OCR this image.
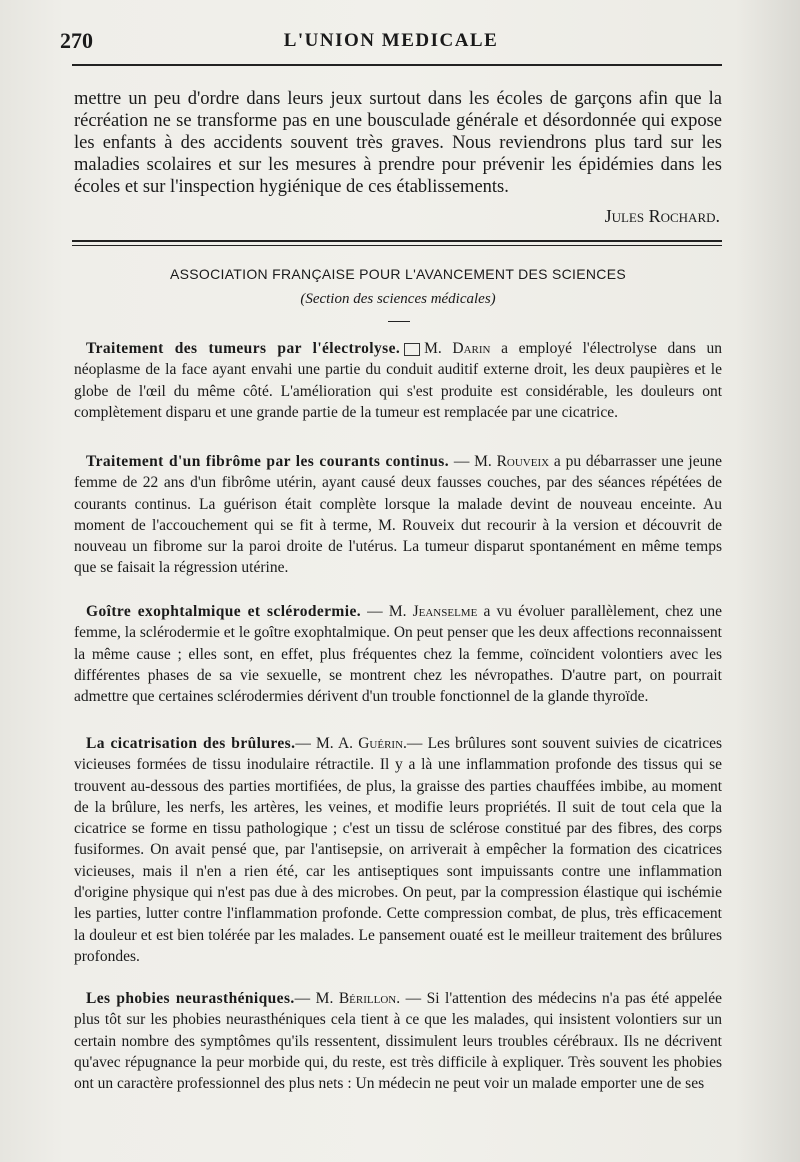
270	L'UNION MEDICALE
mettre un peu d'ordre dans leurs jeux surtout dans les écoles de garçons afin que la récréation ne se transforme pas en une bousculade générale et désordonnée qui expose les enfants à des accidents souvent très graves. Nous reviendrons plus tard sur les maladies scolaires et sur les mesures à prendre pour prévenir les épidémies dans les écoles et sur l'inspection hygiénique de ces établissements.
Jules Rochard.
ASSOCIATION FRANÇAISE POUR L'AVANCEMENT DES SCIENCES
(Section des sciences médicales)
Traitement des tumeurs par l'électrolyse. M. Darin a employé l'électrolyse dans un néoplasme de la face ayant envahi une partie du conduit auditif externe droit, les deux paupières et le globe de l'œil du même côté. L'amélioration qui s'est produite est considérable, les douleurs ont complètement disparu et une grande partie de la tumeur est remplacée par une cicatrice.
Traitement d'un fibrôme par les courants continus. — M. Rouveix a pu débarrasser une jeune femme de 22 ans d'un fibrôme utérin, ayant causé deux fausses couches, par des séances répétées de courants continus. La guérison était complète lorsque la malade devint de nouveau enceinte. Au moment de l'accouchement qui se fit à terme, M. Rouveix dut recourir à la version et découvrit de nouveau un fibrome sur la paroi droite de l'utérus. La tumeur disparut spontanément en même temps que se faisait la régression utérine.
Goître exophtalmique et sclérodermie. — M. Jeanselme a vu évoluer parallèlement, chez une femme, la sclérodermie et le goître exophtalmique. On peut penser que les deux affections reconnaissent la même cause ; elles sont, en effet, plus fréquentes chez la femme, coïncident volontiers avec les différentes phases de sa vie sexuelle, se montrent chez les névropathes. D'autre part, on pourrait admettre que certaines sclérodermies dérivent d'un trouble fonctionnel de la glande thyroïde.
La cicatrisation des brûlures.— M. A. Guérin.— Les brûlures sont souvent suivies de cicatrices vicieuses formées de tissu inodulaire rétractile. Il y a là une inflammation profonde des tissus qui se trouvent au-dessous des parties mortifiées, de plus, la graisse des parties chauffées imbibe, au moment de la brûlure, les nerfs, les artères, les veines, et modifie leurs propriétés. Il suit de tout cela que la cicatrice se forme en tissu pathologique ; c'est un tissu de sclérose constitué par des fibres, des corps fusiformes. On avait pensé que, par l'antisepsie, on arriverait à empêcher la formation des cicatrices vicieuses, mais il n'en a rien été, car les antiseptiques sont impuissants contre une inflammation d'origine physique qui n'est pas due à des microbes. On peut, par la compression élastique qui ischémie les parties, lutter contre l'inflammation profonde. Cette compression combat, de plus, très efficacement la douleur et est bien tolérée par les malades. Le pansement ouaté est le meilleur traitement des brûlures profondes.
Les phobies neurasthéniques.— M. Bérillon. — Si l'attention des médecins n'a pas été appelée plus tôt sur les phobies neurasthéniques cela tient à ce que les malades, qui insistent volontiers sur un certain nombre des symptômes qu'ils ressentent, dissimulent leurs troubles cérébraux. Ils ne décrivent qu'avec répugnance la peur morbide qui, du reste, est très difficile à expliquer. Très souvent les phobies ont un caractère professionnel des plus nets : Un médecin ne peut voir un malade emporter une de ses
